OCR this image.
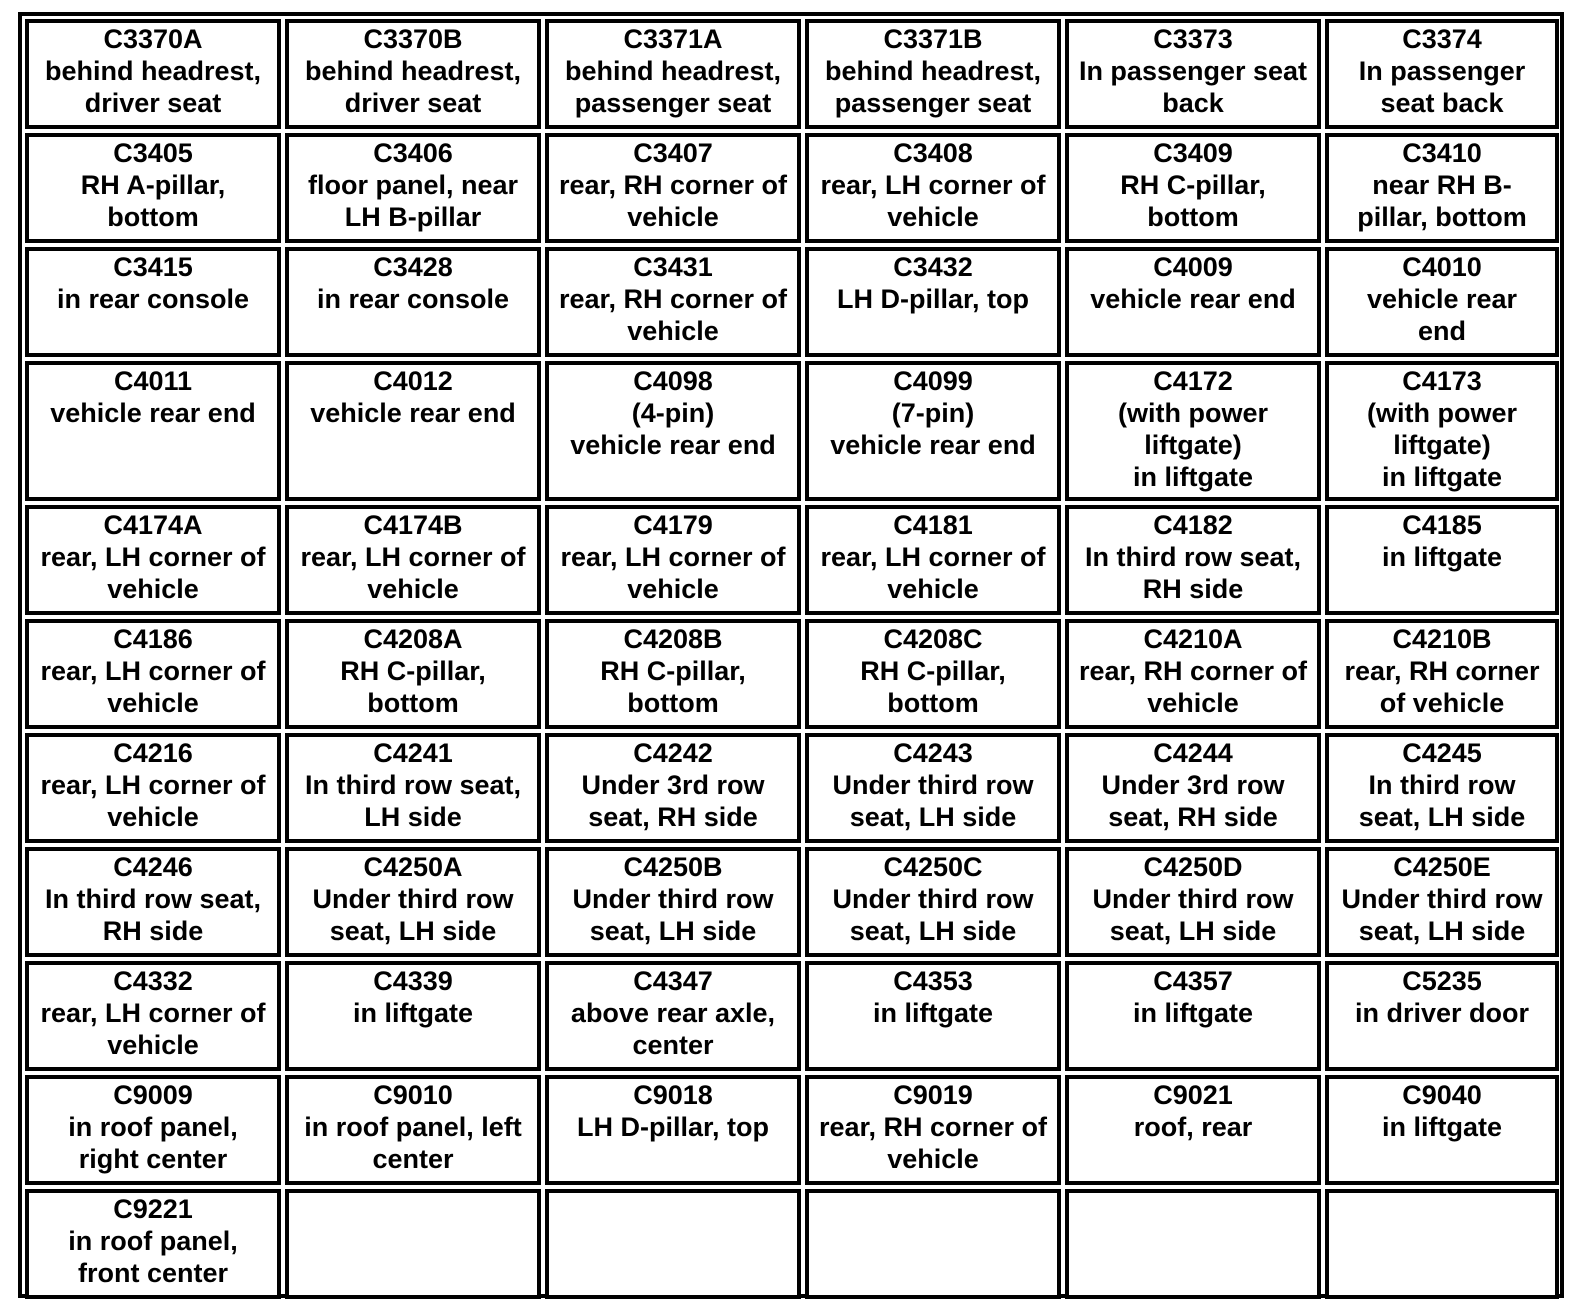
C3370A
behind headrest,
driver seat
C3370B
behind headrest,
driver seat
C3371A
behind headrest,
passenger seat
C3371B
behind headrest,
passenger seat
C3373
In passenger seat
back
C3374
In passenger
seat back
C3405
RH A-pillar,
bottom
C3406
floor panel, near
LH B-pillar
C3407
rear, RH corner of
vehicle
C3408
rear, LH corner of
vehicle
C3409
RH C-pillar,
bottom
C3410
near RH B-
pillar, bottom
C3415
in rear console
C3428
in rear console
C3431
rear, RH corner of
vehicle
C3432
LH D-pillar, top
C4009
vehicle rear end
C4010
vehicle rear
end
C4011
vehicle rear end
C4012
vehicle rear end
C4098
(4-pin)
vehicle rear end
C4099
(7-pin)
vehicle rear end
C4172
(with power
liftgate)
in liftgate
C4173
(with power
liftgate)
in liftgate
C4174A
rear, LH corner of
vehicle
C4174B
rear, LH corner of
vehicle
C4179
rear, LH corner of
vehicle
C4181
rear, LH corner of
vehicle
C4182
In third row seat,
RH side
C4185
in liftgate
C4186
rear, LH corner of
vehicle
C4208A
RH C-pillar,
bottom
C4208B
RH C-pillar,
bottom
C4208C
RH C-pillar,
bottom
C4210A
rear, RH corner of
vehicle
C4210B
rear, RH corner
of vehicle
C4216
rear, LH corner of
vehicle
C4241
In third row seat,
LH side
C4242
Under 3rd row
seat, RH side
C4243
Under third row
seat, LH side
C4244
Under 3rd row
seat, RH side
C4245
In third row
seat, LH side
C4246
In third row seat,
RH side
C4250A
Under third row
seat, LH side
C4250B
Under third row
seat, LH side
C4250C
Under third row
seat, LH side
C4250D
Under third row
seat, LH side
C4250E
Under third row
seat, LH side
C4332
rear, LH corner of
vehicle
C4339
in liftgate
C4347
above rear axle,
center
C4353
in liftgate
C4357
in liftgate
C5235
in driver door
C9009
in roof panel,
right center
C9010
in roof panel, left
center
C9018
LH D-pillar, top
C9019
rear, RH corner of
vehicle
C9021
roof, rear
C9040
in liftgate
C9221
in roof panel,
front center
